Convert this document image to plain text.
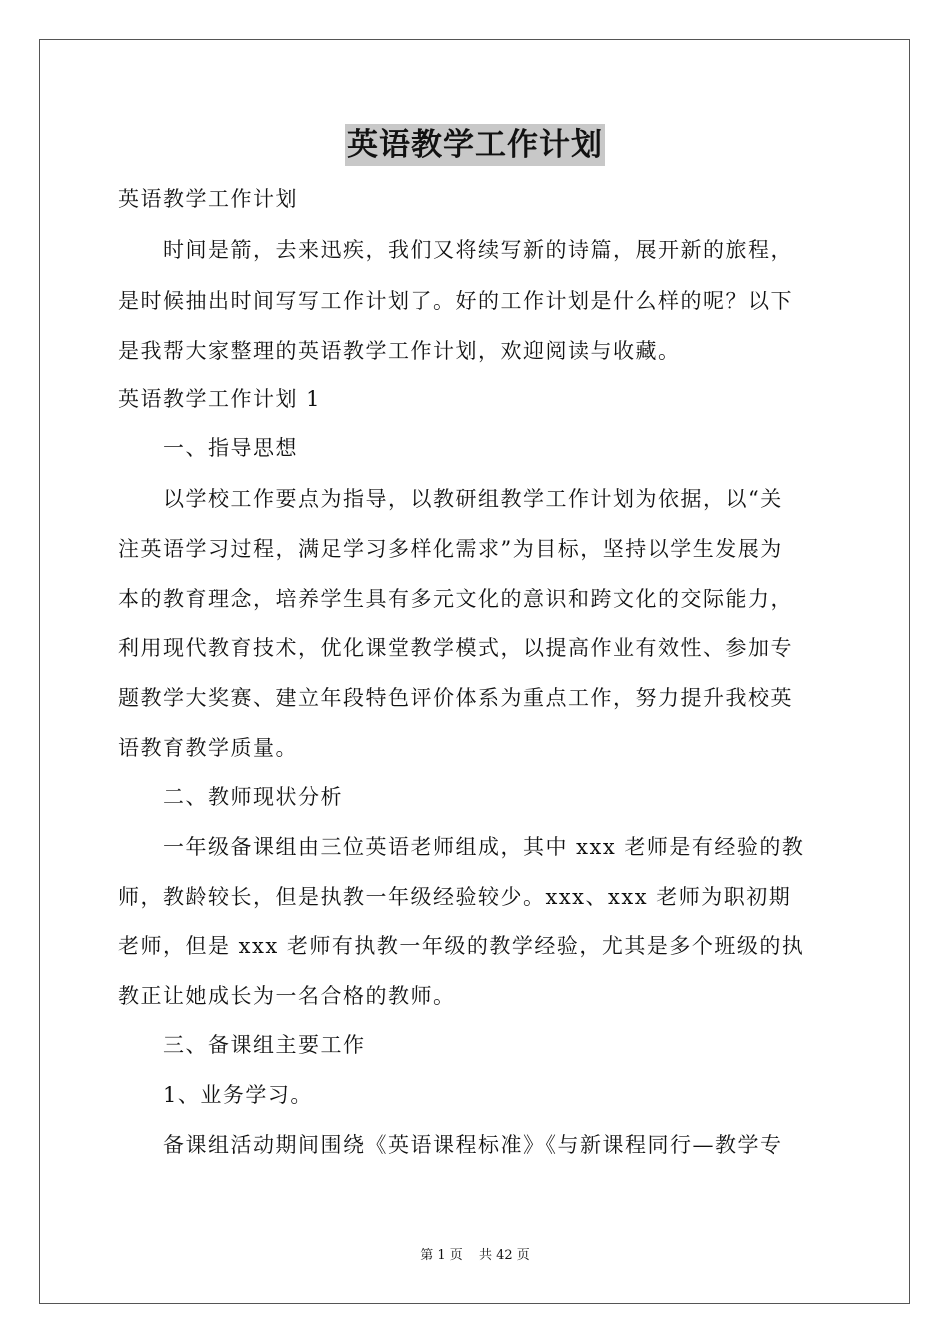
英语教学工作计划
英语教学工作计划
时间是箭，去来迅疾，我们又将续写新的诗篇，展开新的旅程，
是时候抽出时间写写工作计划了。好的工作计划是什么样的呢？以下
是我帮大家整理的英语教学工作计划，欢迎阅读与收藏。
英语教学工作计划 1
一、指导思想
以学校工作要点为指导，以教研组教学工作计划为依据，以“关
注英语学习过程，满足学习多样化需求”为目标，坚持以学生发展为
本的教育理念，培养学生具有多元文化的意识和跨文化的交际能力，
利用现代教育技术，优化课堂教学模式，以提高作业有效性、参加专
题教学大奖赛、建立年段特色评价体系为重点工作，努力提升我校英
语教育教学质量。
二、教师现状分析
一年级备课组由三位英语老师组成，其中 xxx 老师是有经验的教
师，教龄较长，但是执教一年级经验较少。xxx、xxx 老师为职初期
老师，但是 xxx 老师有执教一年级的教学经验，尤其是多个班级的执
教正让她成长为一名合格的教师。
三、备课组主要工作
1、业务学习。
备课组活动期间围绕《英语课程标准》《与新课程同行—教学专
第 1 页 共 42 页
